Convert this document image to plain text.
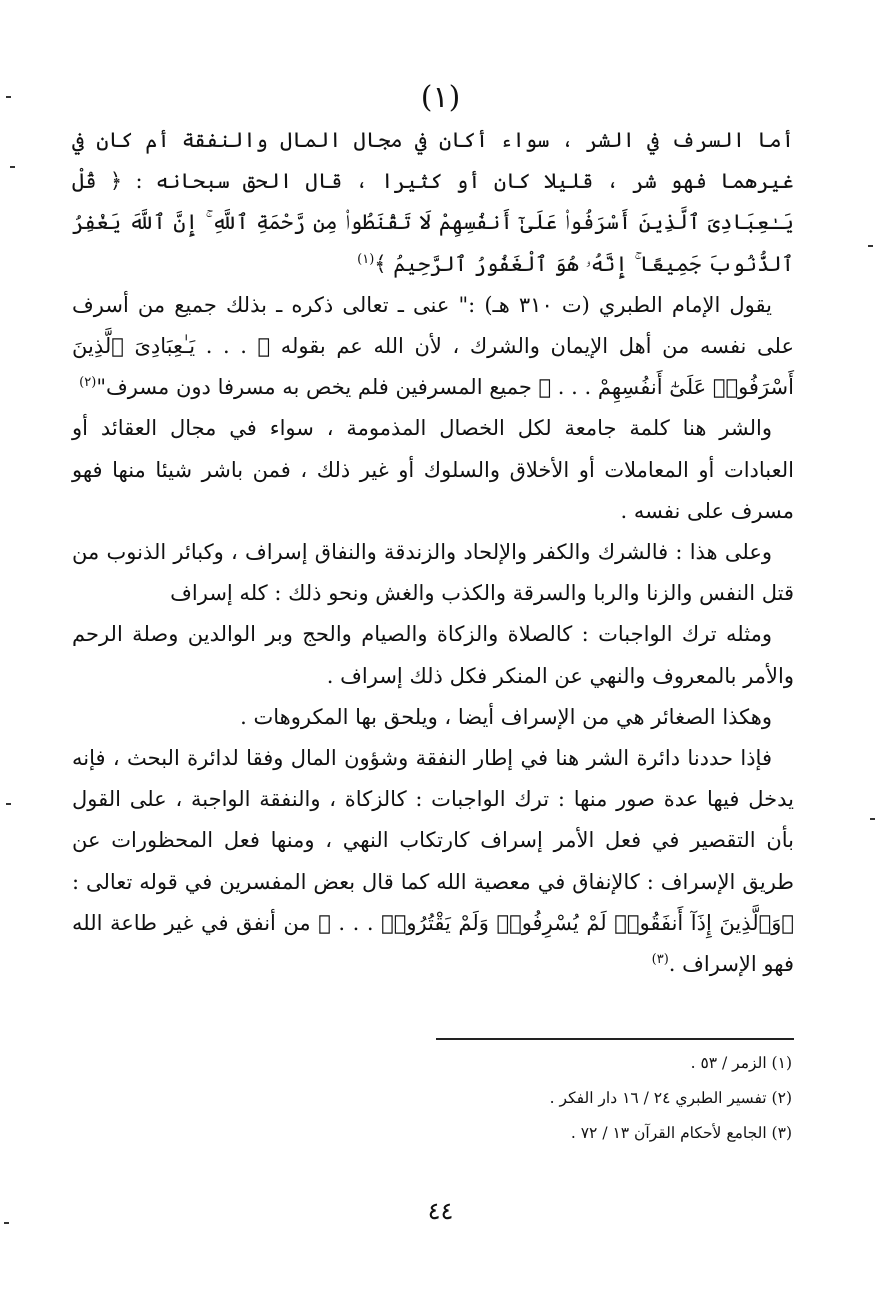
(١)

أما السرف في الشر ، سواء أكان في مجال المال والنفقة أم كان في غيرهما فهو شر ، قليلا كان أو كثيرا ، قال الحق سبحانه : ﴿ قُلْ يَـٰعِبَادِىَ ٱلَّذِينَ أَسْرَفُوا۟ عَلَىٰٓ أَنفُسِهِمْ لَا تَقْنَطُوا۟ مِن رَّحْمَةِ ٱللَّهِ ۚ إِنَّ ٱللَّهَ يَغْفِرُ ٱلذُّنُوبَ جَمِيعًا ۚ إِنَّهُۥ هُوَ ٱلْغَفُورُ ٱلرَّحِيمُ ﴾$^{(١)}$

يقول الإمام الطبري (ت ٣١٠ هـ) :" عنى ـ تعالى ذكره ـ بذلك جميع من أسرف على نفسه من أهل الإيمان والشرك ، لأن الله عم بقوله ﴿ . . . يَـٰعِبَادِىَ ٱلَّذِينَ أَسْرَفُوا۟ عَلَىٰٓ أَنفُسِهِمْ . . . ﴾ جميع المسرفين فلم يخص به مسرفا دون مسرف"$^{(٢)}$

والشر هنا كلمة جامعة لكل الخصال المذمومة ، سواء في مجال العقائد أو العبادات أو المعاملات أو الأخلاق والسلوك أو غير ذلك ، فمن باشر شيئا منها فهو مسرف على نفسه .

وعلى هذا : فالشرك والكفر والإلحاد والزندقة والنفاق إسراف ، وكبائر الذنوب من قتل النفس والزنا والربا والسرقة والكذب والغش ونحو ذلك : كله إسراف

ومثله ترك الواجبات : كالصلاة والزكاة والصيام والحج وبر الوالدين وصلة الرحم والأمر بالمعروف والنهي عن المنكر فكل ذلك إسراف .

وهكذا الصغائر هي من الإسراف أيضا ، ويلحق بها المكروهات .

فإذا حددنا دائرة الشر هنا في إطار النفقة وشؤون المال وفقا لدائرة البحث ، فإنه يدخل فيها عدة صور منها : ترك الواجبات : كالزكاة ، والنفقة الواجبة ، على القول بأن التقصير في فعل الأمر إسراف كارتكاب النهي ، ومنها فعل المحظورات عن طريق الإسراف : كالإنفاق في معصية الله كما قال بعض المفسرين في قوله تعالى : ﴿وَٱلَّذِينَ إِذَآ أَنفَقُوا۟ لَمْ يُسْرِفُوا۟ وَلَمْ يَقْتُرُوا۟ . . . ﴾ من أنفق في غير طاعة الله فهو الإسراف .$^{(٣)}$

(١) الزمر / ٥٣ .
(٢) تفسير الطبري ٢٤ / ١٦ دار الفكر .
(٣) الجامع لأحكام القرآن ١٣ / ٧٢ .
٤٤
